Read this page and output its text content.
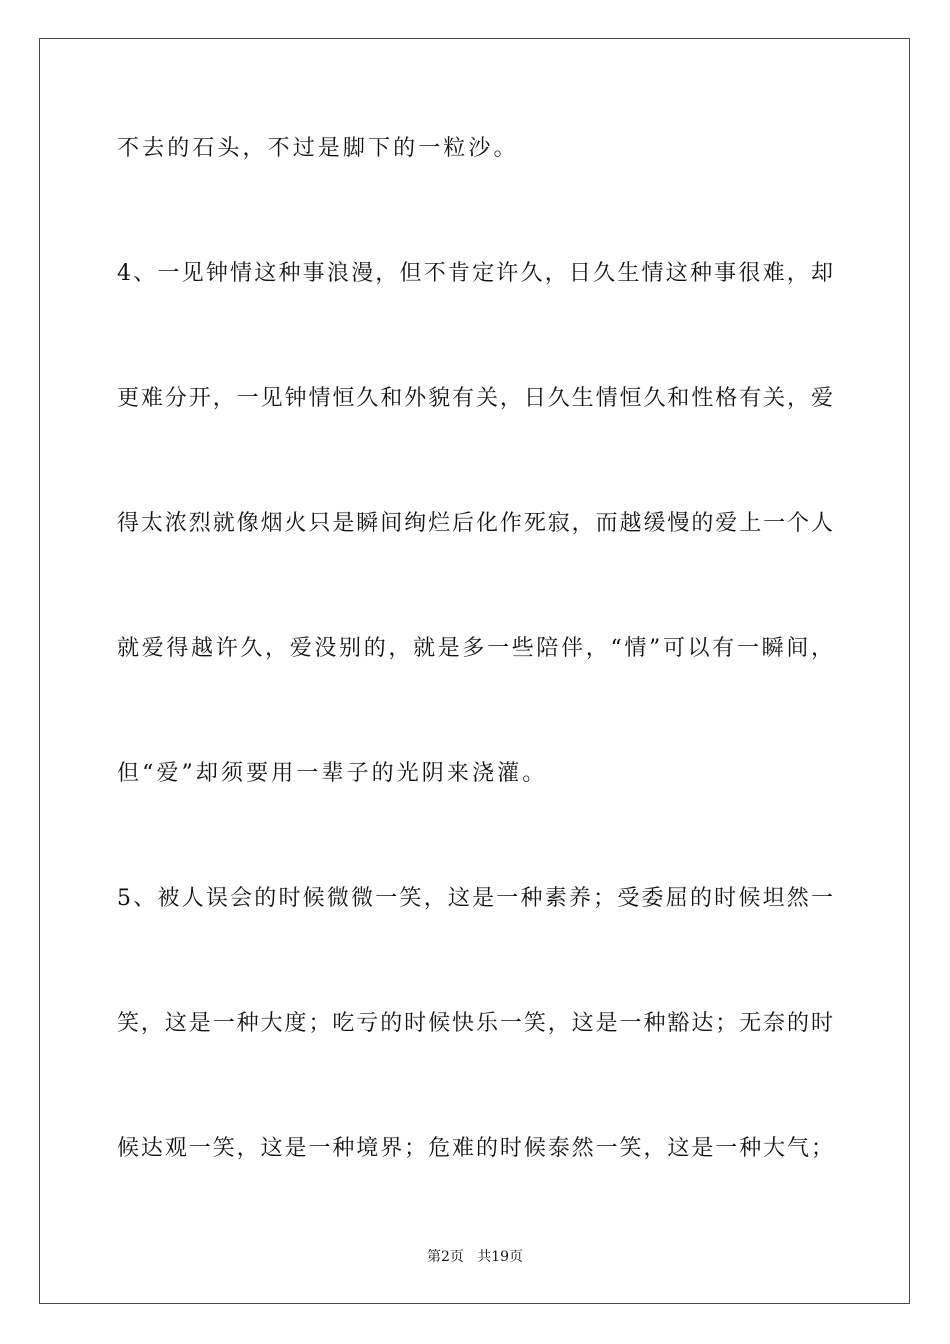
不去的石头，不过是脚下的一粒沙。
4、一见钟情这种事浪漫，但不肯定许久，日久生情这种事很难，却
更难分开，一见钟情恒久和外貌有关，日久生情恒久和性格有关，爱
得太浓烈就像烟火只是瞬间绚烂后化作死寂，而越缓慢的爱上一个人
就爱得越许久，爱没别的，就是多一些陪伴，“情”可以有一瞬间，
但“爱”却须要用一辈子的光阴来浇灌。
5、被人误会的时候微微一笑，这是一种素养；受委屈的时候坦然一
笑，这是一种大度；吃亏的时候快乐一笑，这是一种豁达；无奈的时
候达观一笑，这是一种境界；危难的时候泰然一笑，这是一种大气；
第2页   共19页
